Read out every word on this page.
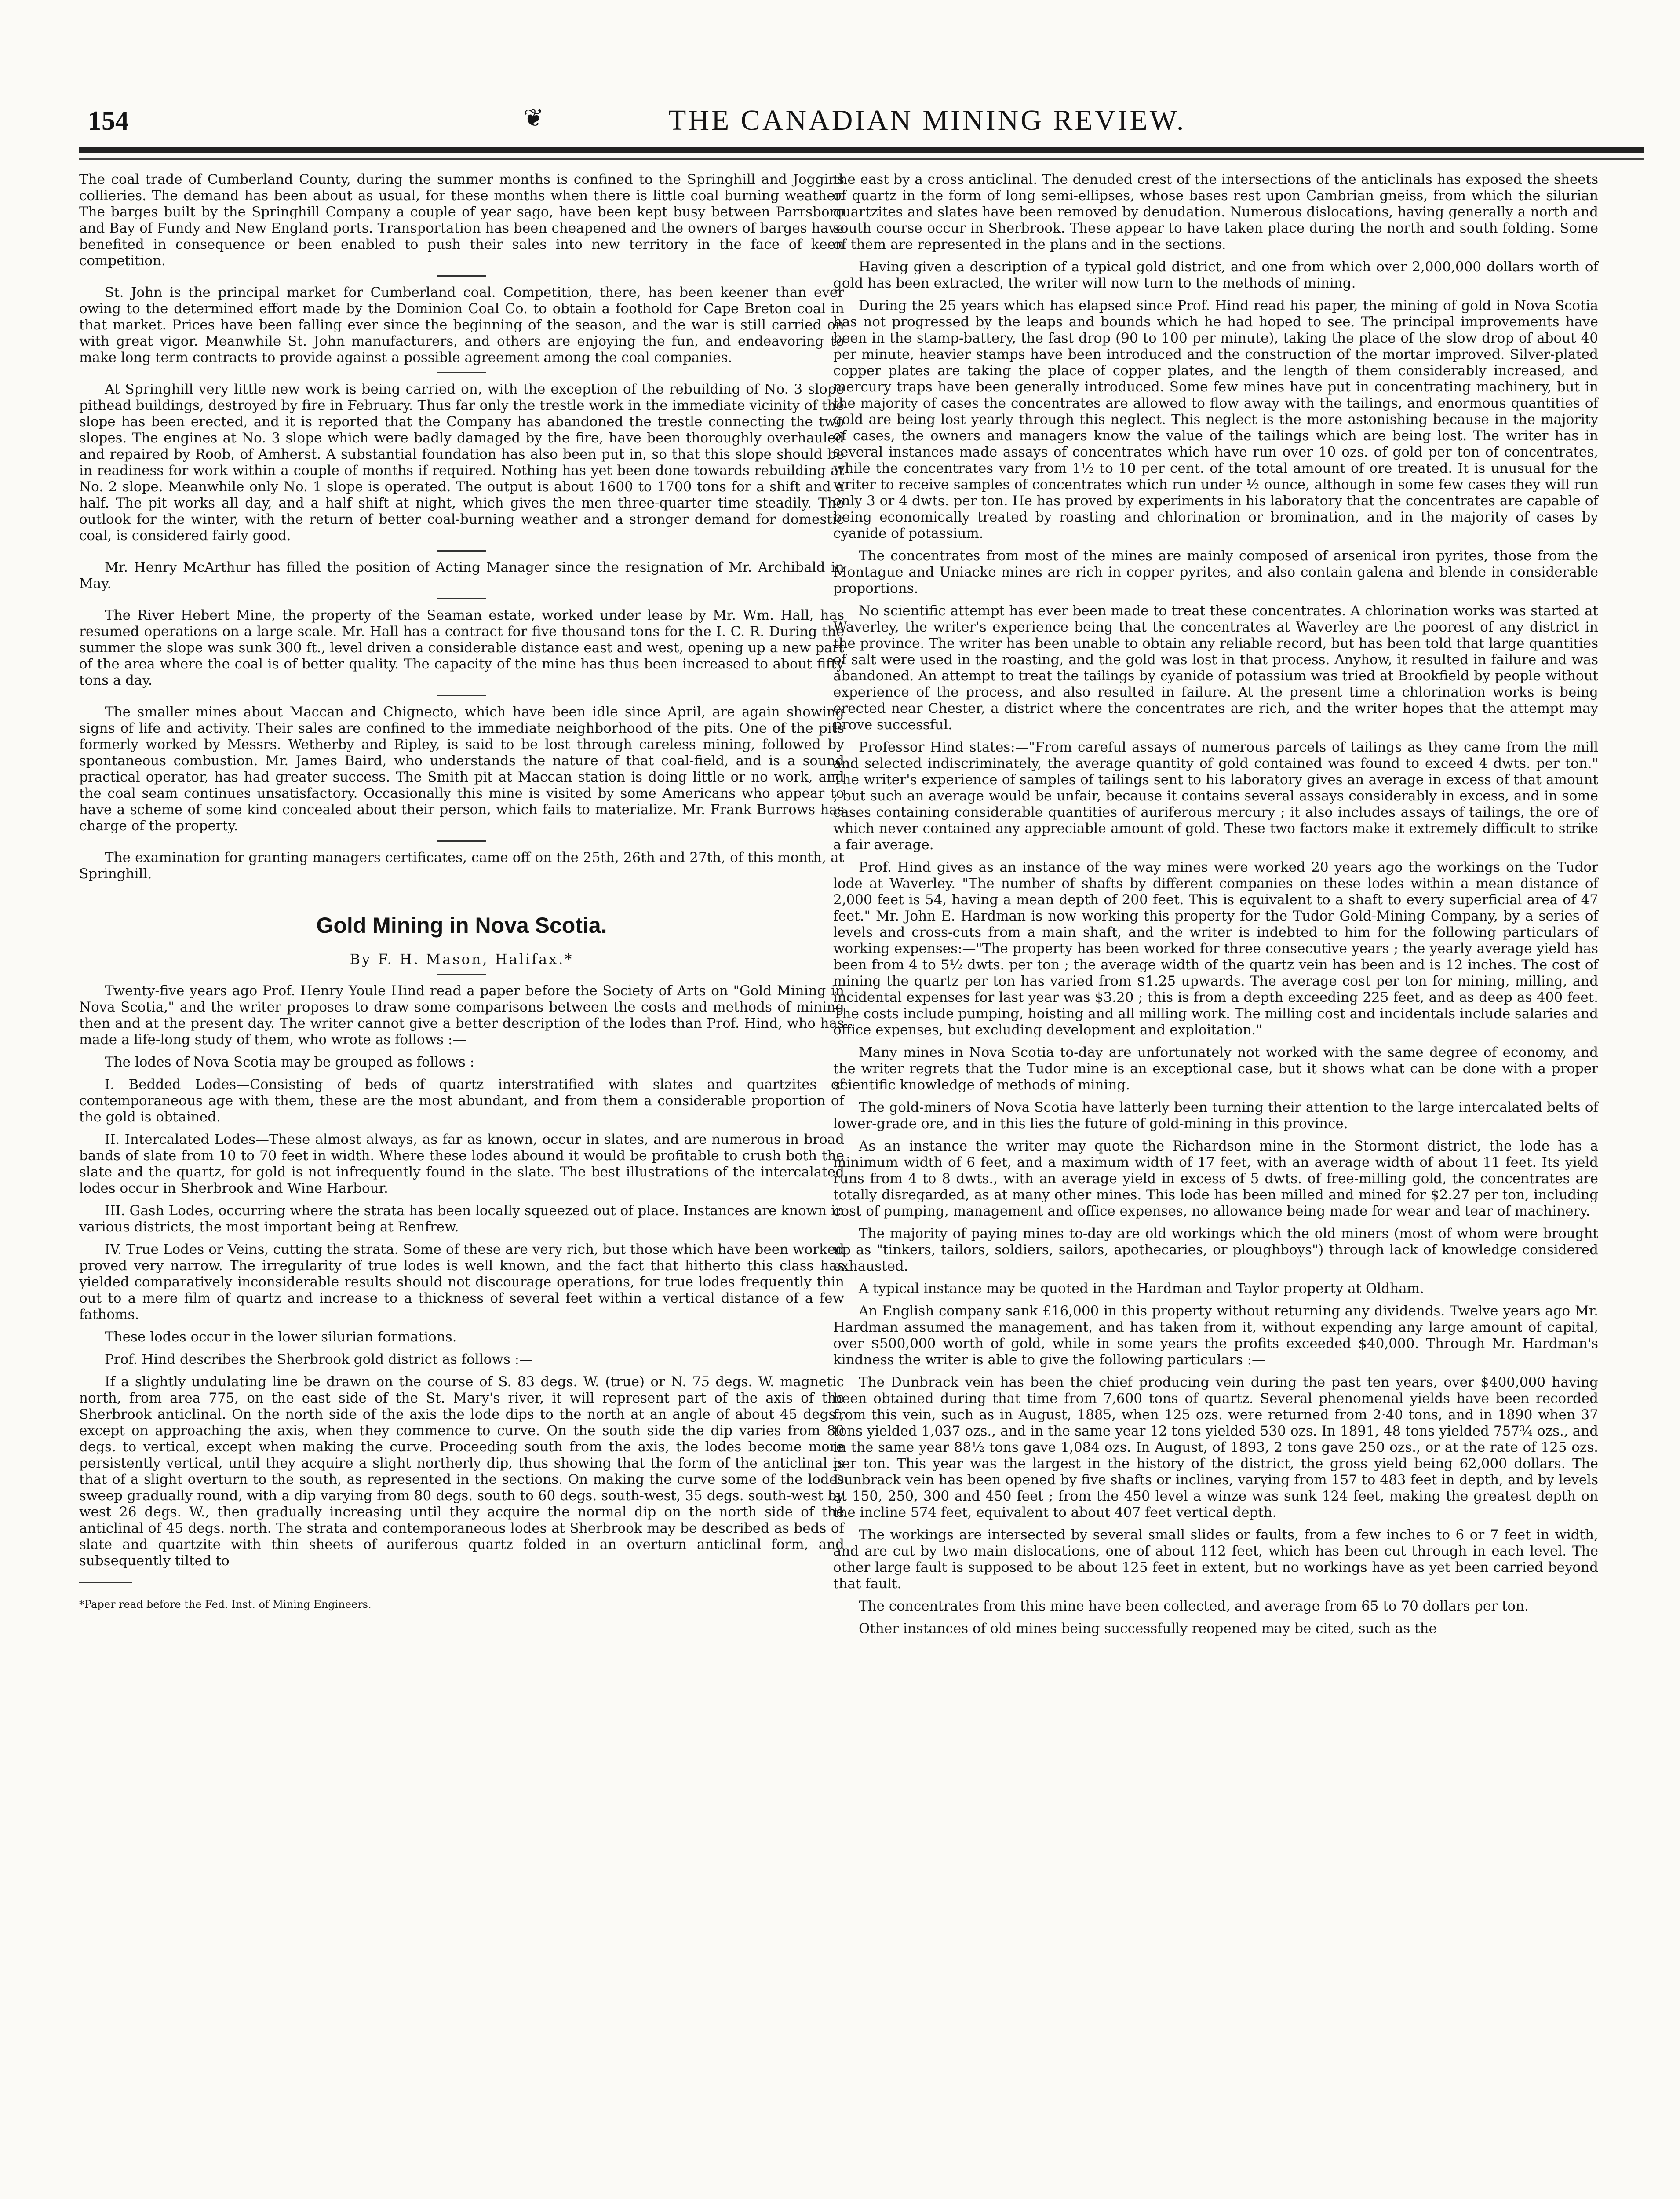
154	❦	THE CANADIAN MINING REVIEW.

The coal trade of Cumberland County, during the summer months is confined to the Springhill and Joggins collieries. The demand has been about as usual, for these months when there is little coal burning weather. The barges built by the Springhill Company a couple of year sago, have been kept busy between Parrsboro and Bay of Fundy and New England ports. Transportation has been cheapened and the owners of barges have benefited in consequence or been enabled to push their sales into new territory in the face of keen competition.

St. John is the principal market for Cumberland coal. Competition, there, has been keener than ever owing to the determined effort made by the Dominion Coal Co. to obtain a foothold for Cape Breton coal in that market. Prices have been falling ever since the beginning of the season, and the war is still carried on with great vigor. Meanwhile St. John manufacturers, and others are enjoying the fun, and endeavoring to make long term contracts to provide against a possible agreement among the coal companies.

At Springhill very little new work is being carried on, with the exception of the rebuilding of No. 3 slope pithead buildings, destroyed by fire in February. Thus far only the trestle work in the immediate vicinity of the slope has been erected, and it is reported that the Company has abandoned the trestle connecting the two slopes. The engines at No. 3 slope which were badly damaged by the fire, have been thoroughly overhauled and repaired by Roob, of Amherst. A substantial foundation has also been put in, so that this slope should be in readiness for work within a couple of months if required. Nothing has yet been done towards rebuilding at No. 2 slope. Meanwhile only No. 1 slope is operated. The output is about 1600 to 1700 tons for a shift and a half. The pit works all day, and a half shift at night, which gives the men three-quarter time steadily. The outlook for the winter, with the return of better coal-burning weather and a stronger demand for domestic coal, is considered fairly good.

Mr. Henry McArthur has filled the position of Acting Manager since the resignation of Mr. Archibald in May.

The River Hebert Mine, the property of the Seaman estate, worked under lease by Mr. Wm. Hall, has resumed operations on a large scale. Mr. Hall has a contract for five thousand tons for the I. C. R. During the summer the slope was sunk 300 ft., level driven a considerable distance east and west, opening up a new part of the area where the coal is of better quality. The capacity of the mine has thus been increased to about fifty tons a day.

The smaller mines about Maccan and Chignecto, which have been idle since April, are again showing signs of life and activity. Their sales are confined to the immediate neighborhood of the pits. One of the pits formerly worked by Messrs. Wetherby and Ripley, is said to be lost through careless mining, followed by spontaneous combustion. Mr. James Baird, who understands the nature of that coal-field, and is a sound practical operator, has had greater success. The Smith pit at Maccan station is doing little or no work, and the coal seam continues unsatisfactory. Occasionally this mine is visited by some Americans who appear to have a scheme of some kind concealed about their person, which fails to materialize. Mr. Frank Burrows has charge of the property.

The examination for granting managers certificates, came off on the 25th, 26th and 27th, of this month, at Springhill.

Gold Mining in Nova Scotia.
By F. H. Mason, Halifax.*

Twenty-five years ago Prof. Henry Youle Hind read a paper before the Society of Arts on "Gold Mining in Nova Scotia," and the writer proposes to draw some comparisons between the costs and methods of mining then and at the present day. The writer cannot give a better description of the lodes than Prof. Hind, who has made a life-long study of them, who wrote as follows :—

The lodes of Nova Scotia may be grouped as follows :

I. Bedded Lodes—Consisting of beds of quartz interstratified with slates and quartzites of contemporaneous age with them, these are the most abundant, and from them a considerable proportion of the gold is obtained.

II. Intercalated Lodes—These almost always, as far as known, occur in slates, and are numerous in broad bands of slate from 10 to 70 feet in width. Where these lodes abound it would be profitable to crush both the slate and the quartz, for gold is not infrequently found in the slate. The best illustrations of the intercalated lodes occur in Sherbrook and Wine Harbour.

III. Gash Lodes, occurring where the strata has been locally squeezed out of place. Instances are known in various districts, the most important being at Renfrew.

IV. True Lodes or Veins, cutting the strata. Some of these are very rich, but those which have been worked proved very narrow. The irregularity of true lodes is well known, and the fact that hitherto this class has yielded comparatively inconsiderable results should not discourage operations, for true lodes frequently thin out to a mere film of quartz and increase to a thickness of several feet within a vertical distance of a few fathoms.

These lodes occur in the lower silurian formations.

Prof. Hind describes the Sherbrook gold district as follows :—

If a slightly undulating line be drawn on the course of S. 83 degs. W. (true) or N. 75 degs. W. magnetic north, from area 775, on the east side of the St. Mary's river, it will represent part of the axis of the Sherbrook anticlinal. On the north side of the axis the lode dips to the north at an angle of about 45 degs., except on approaching the axis, when they commence to curve. On the south side the dip varies from 80 degs. to vertical, except when making the curve. Proceeding south from the axis, the lodes become more persistently vertical, until they acquire a slight northerly dip, thus showing that the form of the anticlinal is that of a slight overturn to the south, as represented in the sections. On making the curve some of the lodes sweep gradually round, with a dip varying from 80 degs. south to 60 degs. south-west, 35 degs. south-west by west 26 degs. W., then gradually increasing until they acquire the normal dip on the north side of the anticlinal of 45 degs. north. The strata and contemporaneous lodes at Sherbrook may be described as beds of slate and quartzite with thin sheets of auriferous quartz folded in an overturn anticlinal form, and subsequently tilted to

*Paper read before the Fed. Inst. of Mining Engineers.

the east by a cross anticlinal. The denuded crest of the intersections of the anticlinals has exposed the sheets of quartz in the form of long semi-ellipses, whose bases rest upon Cambrian gneiss, from which the silurian quartzites and slates have been removed by denudation. Numerous dislocations, having generally a north and south course occur in Sherbrook. These appear to have taken place during the north and south folding. Some of them are represented in the plans and in the sections.

Having given a description of a typical gold district, and one from which over 2,000,000 dollars worth of gold has been extracted, the writer will now turn to the methods of mining.

During the 25 years which has elapsed since Prof. Hind read his paper, the mining of gold in Nova Scotia has not progressed by the leaps and bounds which he had hoped to see. The principal improvements have been in the stamp-battery, the fast drop (90 to 100 per minute), taking the place of the slow drop of about 40 per minute, heavier stamps have been introduced and the construction of the mortar improved. Silver-plated copper plates are taking the place of copper plates, and the length of them considerably increased, and mercury traps have been generally introduced. Some few mines have put in concentrating machinery, but in the majority of cases the concentrates are allowed to flow away with the tailings, and enormous quantities of gold are being lost yearly through this neglect. This neglect is the more astonishing because in the majority of cases, the owners and managers know the value of the tailings which are being lost. The writer has in several instances made assays of concentrates which have run over 10 ozs. of gold per ton of concentrates, while the concentrates vary from 1½ to 10 per cent. of the total amount of ore treated. It is unusual for the writer to receive samples of concentrates which run under ½ ounce, although in some few cases they will run only 3 or 4 dwts. per ton. He has proved by experiments in his laboratory that the concentrates are capable of being economically treated by roasting and chlorination or bromination, and in the majority of cases by cyanide of potassium.

The concentrates from most of the mines are mainly composed of arsenical iron pyrites, those from the Montague and Uniacke mines are rich in copper pyrites, and also contain galena and blende in considerable proportions.

No scientific attempt has ever been made to treat these concentrates. A chlorination works was started at Waverley, the writer's experience being that the concentrates at Waverley are the poorest of any district in the province. The writer has been unable to obtain any reliable record, but has been told that large quantities of salt were used in the roasting, and the gold was lost in that process. Anyhow, it resulted in failure and was abandoned. An attempt to treat the tailings by cyanide of potassium was tried at Brookfield by people without experience of the process, and also resulted in failure. At the present time a chlorination works is being erected near Chester, a district where the concentrates are rich, and the writer hopes that the attempt may prove successful.

Professor Hind states:—"From careful assays of numerous parcels of tailings as they came from the mill and selected indiscriminately, the average quantity of gold contained was found to exceed 4 dwts. per ton." The writer's experience of samples of tailings sent to his laboratory gives an average in excess of that amount ; but such an average would be unfair, because it contains several assays considerably in excess, and in some cases containing considerable quantities of auriferous mercury ; it also includes assays of tailings, the ore of which never contained any appreciable amount of gold. These two factors make it extremely difficult to strike a fair average.

Prof. Hind gives as an instance of the way mines were worked 20 years ago the workings on the Tudor lode at Waverley. "The number of shafts by different companies on these lodes within a mean distance of 2,000 feet is 54, having a mean depth of 200 feet. This is equivalent to a shaft to every superficial area of 47 feet." Mr. John E. Hardman is now working this property for the Tudor Gold-Mining Company, by a series of levels and cross-cuts from a main shaft, and the writer is indebted to him for the following particulars of working expenses:—"The property has been worked for three consecutive years ; the yearly average yield has been from 4 to 5½ dwts. per ton ; the average width of the quartz vein has been and is 12 inches. The cost of mining the quartz per ton has varied from $1.25 upwards. The average cost per ton for mining, milling, and incidental expenses for last year was $3.20 ; this is from a depth exceeding 225 feet, and as deep as 400 feet. The costs include pumping, hoisting and all milling work. The milling cost and incidentals include salaries and office expenses, but excluding development and exploitation."

Many mines in Nova Scotia to-day are unfortunately not worked with the same degree of economy, and the writer regrets that the Tudor mine is an exceptional case, but it shows what can be done with a proper scientific knowledge of methods of mining.

The gold-miners of Nova Scotia have latterly been turning their attention to the large intercalated belts of lower-grade ore, and in this lies the future of gold-mining in this province.

As an instance the writer may quote the Richardson mine in the Stormont district, the lode has a minimum width of 6 feet, and a maximum width of 17 feet, with an average width of about 11 feet. Its yield runs from 4 to 8 dwts., with an average yield in excess of 5 dwts. of free-milling gold, the concentrates are totally disregarded, as at many other mines. This lode has been milled and mined for $2.27 per ton, including cost of pumping, management and office expenses, no allowance being made for wear and tear of machinery.

The majority of paying mines to-day are old workings which the old miners (most of whom were brought up as "tinkers, tailors, soldiers, sailors, apothecaries, or ploughboys") through lack of knowledge considered exhausted.

A typical instance may be quoted in the Hardman and Taylor property at Oldham.

An English company sank £16,000 in this property without returning any dividends. Twelve years ago Mr. Hardman assumed the management, and has taken from it, without expending any large amount of capital, over $500,000 worth of gold, while in some years the profits exceeded $40,000. Through Mr. Hardman's kindness the writer is able to give the following particulars :—

The Dunbrack vein has been the chief producing vein during the past ten years, over $400,000 having been obtained during that time from 7,600 tons of quartz. Several phenomenal yields have been recorded from this vein, such as in August, 1885, when 125 ozs. were returned from 2·40 tons, and in 1890 when 37 tons yielded 1,037 ozs., and in the same year 12 tons yielded 530 ozs. In 1891, 48 tons yielded 757¾ ozs., and in the same year 88½ tons gave 1,084 ozs. In August, of 1893, 2 tons gave 250 ozs., or at the rate of 125 ozs. per ton. This year was the largest in the history of the district, the gross yield being 62,000 dollars. The Dunbrack vein has been opened by five shafts or inclines, varying from 157 to 483 feet in depth, and by levels at 150, 250, 300 and 450 feet ; from the 450 level a winze was sunk 124 feet, making the greatest depth on the incline 574 feet, equivalent to about 407 feet vertical depth.

The workings are intersected by several small slides or faults, from a few inches to 6 or 7 feet in width, and are cut by two main dislocations, one of about 112 feet, which has been cut through in each level. The other large fault is supposed to be about 125 feet in extent, but no workings have as yet been carried beyond that fault.

The concentrates from this mine have been collected, and average from 65 to 70 dollars per ton.

Other instances of old mines being successfully reopened may be cited, such as the
